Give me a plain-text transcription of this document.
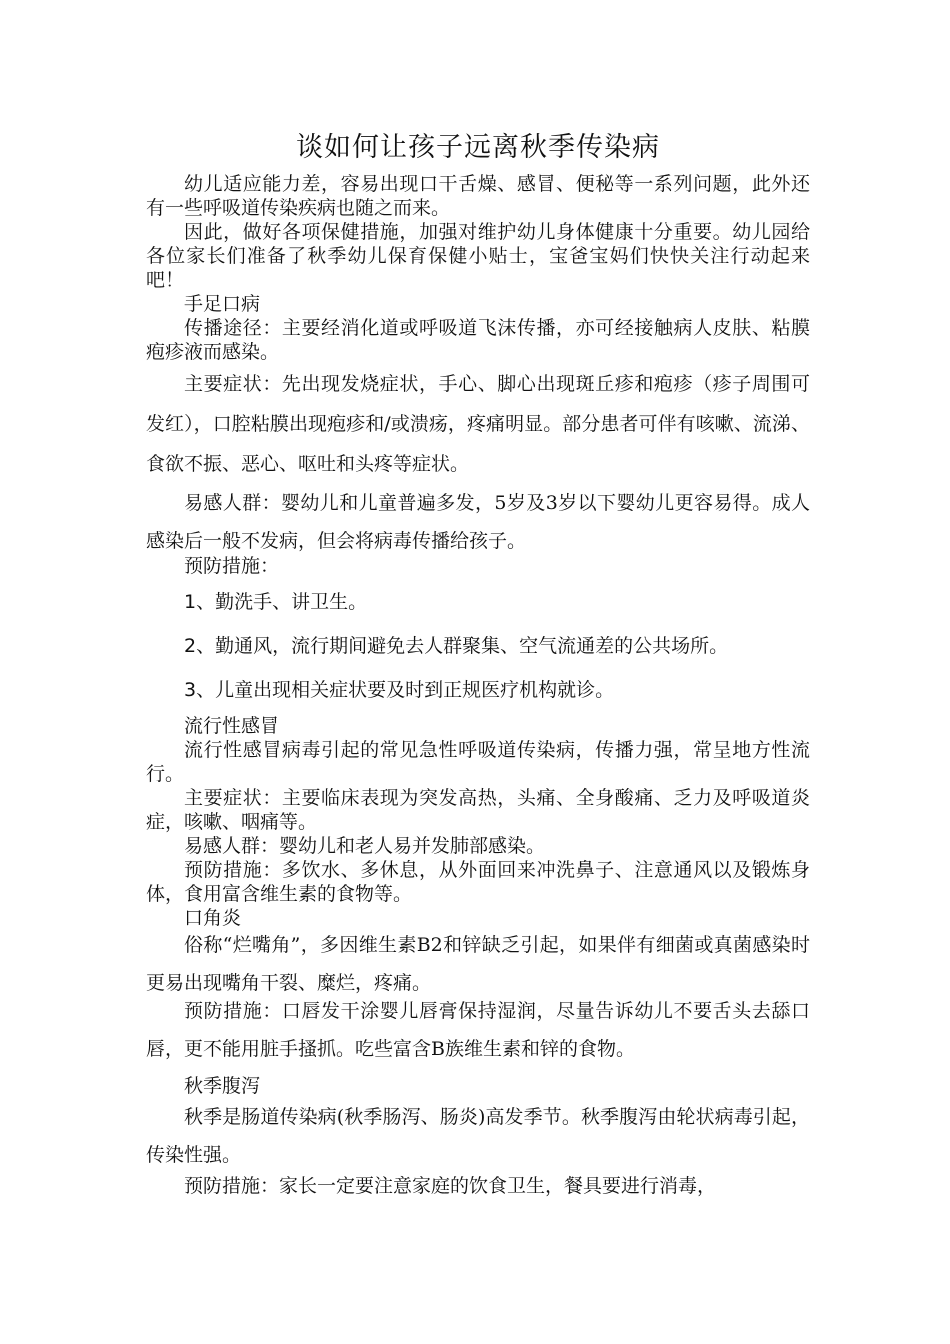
谈如何让孩子远离秋季传染病

幼儿适应能力差，容易出现口干舌燥、感冒、便秘等一系列问题，此外还有一些呼吸道传染疾病也随之而来。

因此，做好各项保健措施，加强对维护幼儿身体健康十分重要。幼儿园给各位家长们准备了秋季幼儿保育保健小贴士，宝爸宝妈们快快关注行动起来吧！

手足口病

传播途径：主要经消化道或呼吸道飞沫传播，亦可经接触病人皮肤、粘膜疱疹液而感染。

主要症状：先出现发烧症状，手心、脚心出现斑丘疹和疱疹（疹子周围可发红），口腔粘膜出现疱疹和/或溃疡，疼痛明显。部分患者可伴有咳嗽、流涕、食欲不振、恶心、呕吐和头疼等症状。

易感人群：婴幼儿和儿童普遍多发，5岁及3岁以下婴幼儿更容易得。成人感染后一般不发病，但会将病毒传播给孩子。

预防措施：

1、勤洗手、讲卫生。

2、勤通风，流行期间避免去人群聚集、空气流通差的公共场所。

3、儿童出现相关症状要及时到正规医疗机构就诊。

流行性感冒

流行性感冒病毒引起的常见急性呼吸道传染病，传播力强，常呈地方性流行。

主要症状：主要临床表现为突发高热，头痛、全身酸痛、乏力及呼吸道炎症，咳嗽、咽痛等。

易感人群：婴幼儿和老人易并发肺部感染。

预防措施：多饮水、多休息，从外面回来冲洗鼻子、注意通风以及锻炼身体，食用富含维生素的食物等。

口角炎

俗称“烂嘴角”，多因维生素B2和锌缺乏引起，如果伴有细菌或真菌感染时更易出现嘴角干裂、糜烂，疼痛。

预防措施：口唇发干涂婴儿唇膏保持湿润，尽量告诉幼儿不要舌头去舔口唇，更不能用脏手搔抓。吃些富含B族维生素和锌的食物。

秋季腹泻

秋季是肠道传染病(秋季肠泻、肠炎)高发季节。秋季腹泻由轮状病毒引起，传染性强。

预防措施：家长一定要注意家庭的饮食卫生，餐具要进行消毒，
